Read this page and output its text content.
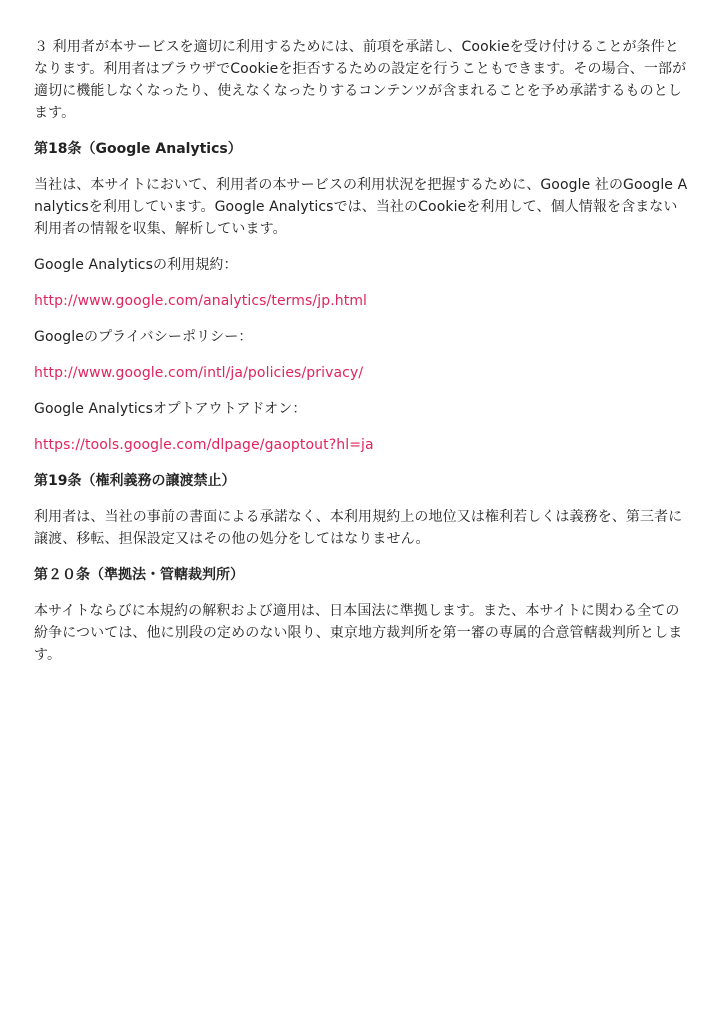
３ 利用者が本サービスを適切に利用するためには、前項を承諾し、Cookieを受け付けることが条件となります。利用者はブラウザでCookieを拒否するための設定を行うこともできます。その場合、一部が適切に機能しなくなったり、使えなくなったりするコンテンツが含まれることを予め承諾するものとします。

第18条（Google Analytics）

当社は、本サイトにおいて、利用者の本サービスの利用状況を把握するために、Google 社のGoogle Analyticsを利用しています。Google Analyticsでは、当社のCookieを利用して、個人情報を含まない利用者の情報を収集、解析しています。

Google Analyticsの利用規約：

http://www.google.com/analytics/terms/jp.html

Googleのプライバシーポリシー：

http://www.google.com/intl/ja/policies/privacy/

Google Analyticsオプトアウトアドオン：

https://tools.google.com/dlpage/gaoptout?hl=ja

第19条（権利義務の譲渡禁止）

利用者は、当社の事前の書面による承諾なく、本利用規約上の地位又は権利若しくは義務を、第三者に譲渡、移転、担保設定又はその他の処分をしてはなりません。

第２０条（準拠法・管轄裁判所）

本サイトならびに本規約の解釈および適用は、日本国法に準拠します。また、本サイトに関わる全ての紛争については、他に別段の定めのない限り、東京地方裁判所を第一審の専属的合意管轄裁判所とします。
